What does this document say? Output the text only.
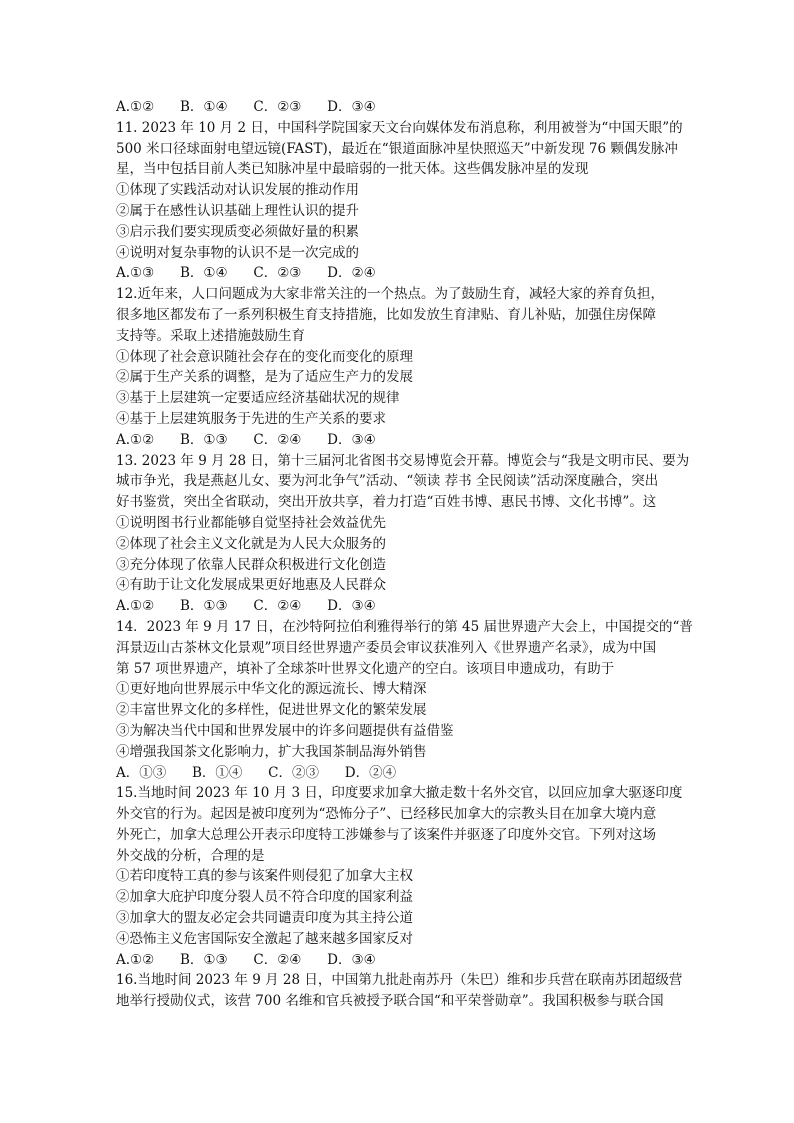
A.①②      B．①④      C．②③      D．③④
11. 2023 年 10 月 2 日，中国科学院国家天文台向媒体发布消息称，利用被誉为“中国天眼”的
500 米口径球面射电望远镜(FAST)，最近在“银道面脉冲星快照巡天”中新发现 76 颗偶发脉冲
星，当中包括目前人类已知脉冲星中最暗弱的一批天体。这些偶发脉冲星的发现
①体现了实践活动对认识发展的推动作用
②属于在感性认识基础上理性认识的提升
③启示我们要实现质变必须做好量的积累
④说明对复杂事物的认识不是一次完成的
A.①③      B．①④      C．②③      D．②④
12.近年来，人口问题成为大家非常关注的一个热点。为了鼓励生育，减轻大家的养育负担，
很多地区都发布了一系列积极生育支持措施，比如发放生育津贴、育儿补贴，加强住房保障
支持等。采取上述措施鼓励生育
①体现了社会意识随社会存在的变化而变化的原理
②属于生产关系的调整，是为了适应生产力的发展
③基于上层建筑一定要适应经济基础状况的规律
④基于上层建筑服务于先进的生产关系的要求
A.①②      B．①③      C．②④      D．③④
13. 2023 年 9 月 28 日，第十三届河北省图书交易博览会开幕。博览会与“我是文明市民、要为
城市争光，我是燕赵儿女、要为河北争气”活动、“领读 荐书 全民阅读”活动深度融合，突出
好书鉴赏，突出全省联动，突出开放共享，着力打造“百姓书博、惠民书博、文化书博”。这
①说明图书行业都能够自觉坚持社会效益优先
②体现了社会主义文化就是为人民大众服务的
③充分体现了依靠人民群众积极进行文化创造
④有助于让文化发展成果更好地惠及人民群众
A.①②      B．①③      C．②④      D．③④
14．2023 年 9 月 17 日，在沙特阿拉伯利雅得举行的第 45 届世界遗产大会上，中国提交的“普
洱景迈山古茶林文化景观”项目经世界遗产委员会审议获准列入《世界遗产名录》，成为中国
第 57 项世界遗产，填补了全球茶叶世界文化遗产的空白。该项目申遗成功，有助于
①更好地向世界展示中华文化的源远流长、博大精深
②丰富世界文化的多样性，促进世界文化的繁荣发展
③为解决当代中国和世界发展中的许多问题提供有益借鉴
④增强我国茶文化影响力，扩大我国茶制品海外销售
A．①③      B．①④      C．②③      D．②④
15.当地时间 2023 年 10 月 3 日，印度要求加拿大撤走数十名外交官，以回应加拿大驱逐印度
外交官的行为。起因是被印度列为“恐怖分子”、已经移民加拿大的宗教头目在加拿大境内意
外死亡，加拿大总理公开表示印度特工涉嫌参与了该案件并驱逐了印度外交官。下列对这场
外交战的分析，合理的是
①若印度特工真的参与该案件则侵犯了加拿大主权
②加拿大庇护印度分裂人员不符合印度的国家利益
③加拿大的盟友必定会共同谴责印度为其主持公道
④恐怖主义危害国际安全激起了越来越多国家反对
A.①②      B．①③      C．②④      D．③④
16.当地时间 2023 年 9 月 28 日，中国第九批赴南苏丹（朱巴）维和步兵营在联南苏团超级营
地举行授勋仪式，该营 700 名维和官兵被授予联合国“和平荣誉勋章”。我国积极参与联合国
